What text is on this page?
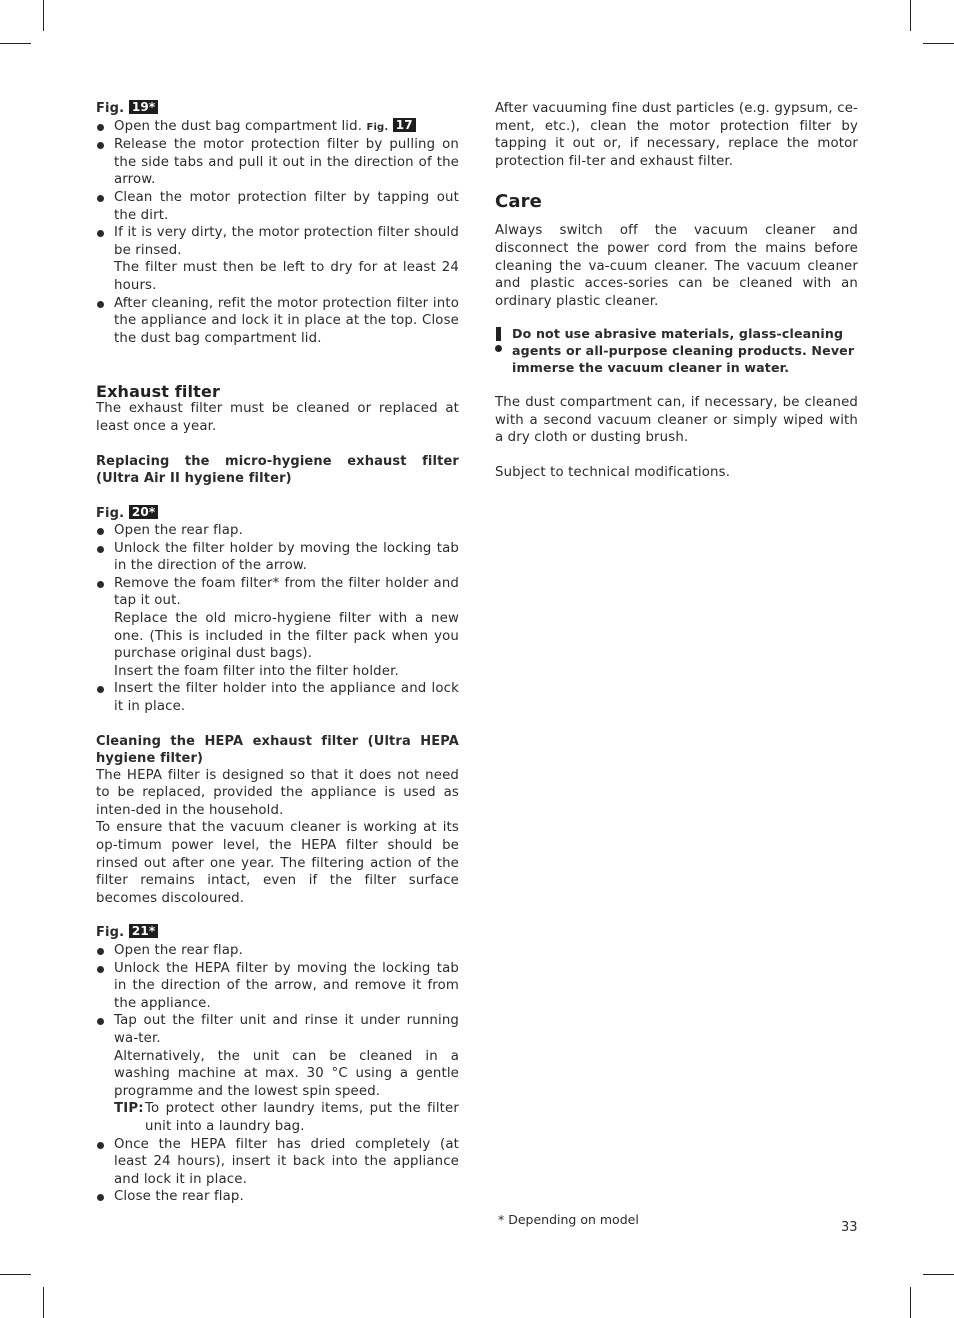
Fig. 19*

Open the dust bag compartment lid. Fig. 17
Release the motor protection filter by pulling on the side tabs and pull it out in the direction of the arrow.
Clean the motor protection filter by tapping out the dirt.

If it is very dirty, the motor protection filter should be rinsed.

The filter must then be left to dry for at least 24 hours.

After cleaning, refit the motor protection filter into the appliance and lock it in place at the top. Close the dust bag compartment lid.
Exhaust filter

The exhaust filter must be cleaned or replaced at least once a year.

Replacing the micro-hygiene exhaust filter (Ultra Air II hygiene filter)

Fig. 20*

Open the rear flap.
Unlock the filter holder by moving the locking tab in the direction of the arrow.

Remove the foam filter* from the filter holder and tap it out.

Replace the old micro-hygiene filter with a new one. (This is included in the filter pack when you purchase original dust bags).

Insert the foam filter into the filter holder.

Insert the filter holder into the appliance and lock it in place.

Cleaning the HEPA exhaust filter (Ultra HEPA hygiene filter)

The HEPA filter is designed so that it does not need to be replaced, provided the appliance is used as inten-ded in the household.

To ensure that the vacuum cleaner is working at its op-timum power level, the HEPA filter should be rinsed out after one year. The filtering action of the filter remains intact, even if the filter surface becomes discoloured.

Fig. 21*

Open the rear flap.
Unlock the HEPA filter by moving the locking tab in the direction of the arrow, and remove it from the appliance.

Tap out the filter unit and rinse it under running wa-ter.

Alternatively, the unit can be cleaned in a washing machine at max. 30 °C using a gentle programme and the lowest spin speed.

TIP: To protect other laundry items, put the filter unit into a laundry bag.
Once the HEPA filter has dried completely (at least 24 hours), insert it back into the appliance and lock it in place.
Close the rear flap.

After vacuuming fine dust particles (e.g. gypsum, ce-ment, etc.), clean the motor protection filter by tapping it out or, if necessary, replace the motor protection fil-ter and exhaust filter.

Care

Always switch off the vacuum cleaner and disconnect the power cord from the mains before cleaning the va-cuum cleaner. The vacuum cleaner and plastic acces-sories can be cleaned with an ordinary plastic cleaner.

Do not use abrasive materials, glass-cleaning agents or all-purpose cleaning products. Never immerse the vacuum cleaner in water.

The dust compartment can, if necessary, be cleaned with a second vacuum cleaner or simply wiped with a dry cloth or dusting brush.

Subject to technical modifications.

* Depending on model
33
